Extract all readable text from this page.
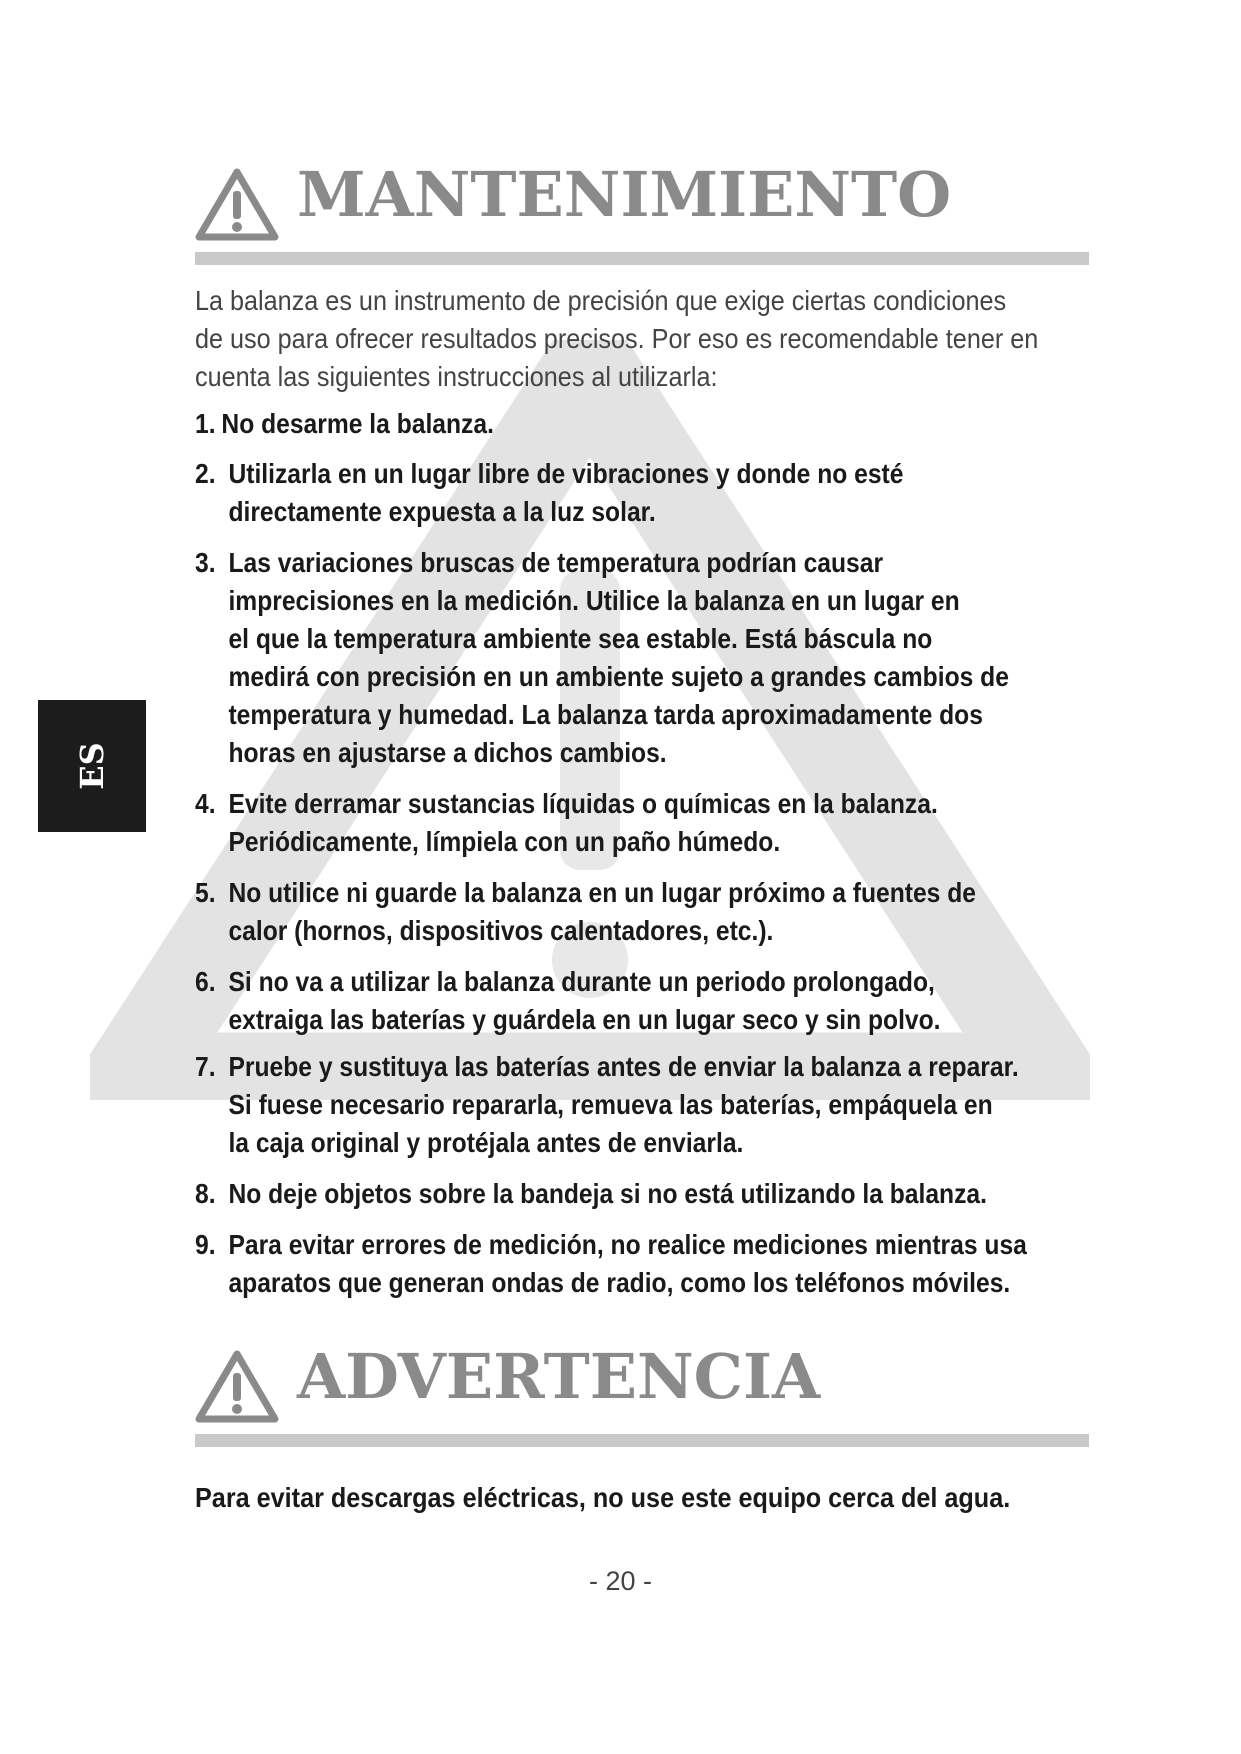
MANTENIMIENTO
La balanza es un instrumento de precisión que exige ciertas condiciones
de uso para ofrecer resultados precisos. Por eso es recomendable tener en
cuenta las siguientes instrucciones al utilizarla:
1. No desarme la balanza.
2. Utilizarla en un lugar libre de vibraciones y donde no esté
directamente expuesta a la luz solar.
3. Las variaciones bruscas de temperatura podrían causar
imprecisiones en la medición. Utilice la balanza en un lugar en
el que la temperatura ambiente sea estable. Está báscula no
medirá con precisión en un ambiente sujeto a grandes cambios de
temperatura y humedad. La balanza tarda aproximadamente dos
horas en ajustarse a dichos cambios.
4. Evite derramar sustancias líquidas o químicas en la balanza.
Periódicamente, límpiela con un paño húmedo.
5. No utilice ni guarde la balanza en un lugar próximo a fuentes de
calor (hornos, dispositivos calentadores, etc.).
6. Si no va a utilizar la balanza durante un periodo prolongado,
extraiga las baterías y guárdela en un lugar seco y sin polvo.
7. Pruebe y sustituya las baterías antes de enviar la balanza a reparar.
Si fuese necesario repararla, remueva las baterías, empáquela en
la caja original y protéjala antes de enviarla.
8. No deje objetos sobre la bandeja si no está utilizando la balanza.
9. Para evitar errores de medición, no realice mediciones mientras usa
aparatos que generan ondas de radio, como los teléfonos móviles.
ES
ADVERTENCIA
Para evitar descargas eléctricas, no use este equipo cerca del agua.
- 20 -
